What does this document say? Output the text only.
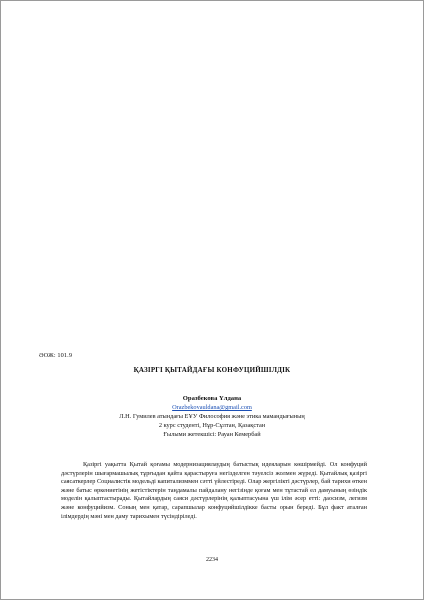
ӘОЖ: 101.9
ҚАЗІРГІ ҚЫТАЙДАҒЫ КОНФУЦИЙШІЛДІК
Оразбекова Үлдана
Orazbekovauldana@gmail.com
Л.Н. Гумилев атындағы ЕҰУ Философия және этика мамандығының
2 курс студенті, Нұр-Сұлтан, Қазақстан
Ғылыми жетекшісі: Рауан Кемербай

Қазіргі уақытта Қытай қоғамы модернизациялаудың батыстық идеяларын көшірмейді. Ол конфуций дәстүрлерін шығармашылық тұрғыдан қайта қарастыруға негізделген тәуелсіз жолмен жүреді. Қытайлық қазіргі саясаткерлер Социалистік модельді капитализммен сәтті үйлестіреді. Олар жергілікті дәстүрлер, бай тарихи өткен және батыс өркениетінің жетістіктерін таңдамалы пайдалану негізінде қоғам мен тұтастай ел дамуының өзіндік моделін қалыптастырады. Қытайлардың саяси дәстүрлерінің қалыптасуына үш ілім әсер етті: даосизм, легизм және конфуцийизм. Соның мен қатар, сарапшылар конфуцийшілдікке басты орын береді. Бұл факт аталған ілімдердің мәні мен даму тарихымен түсіндіріледі.

2234
